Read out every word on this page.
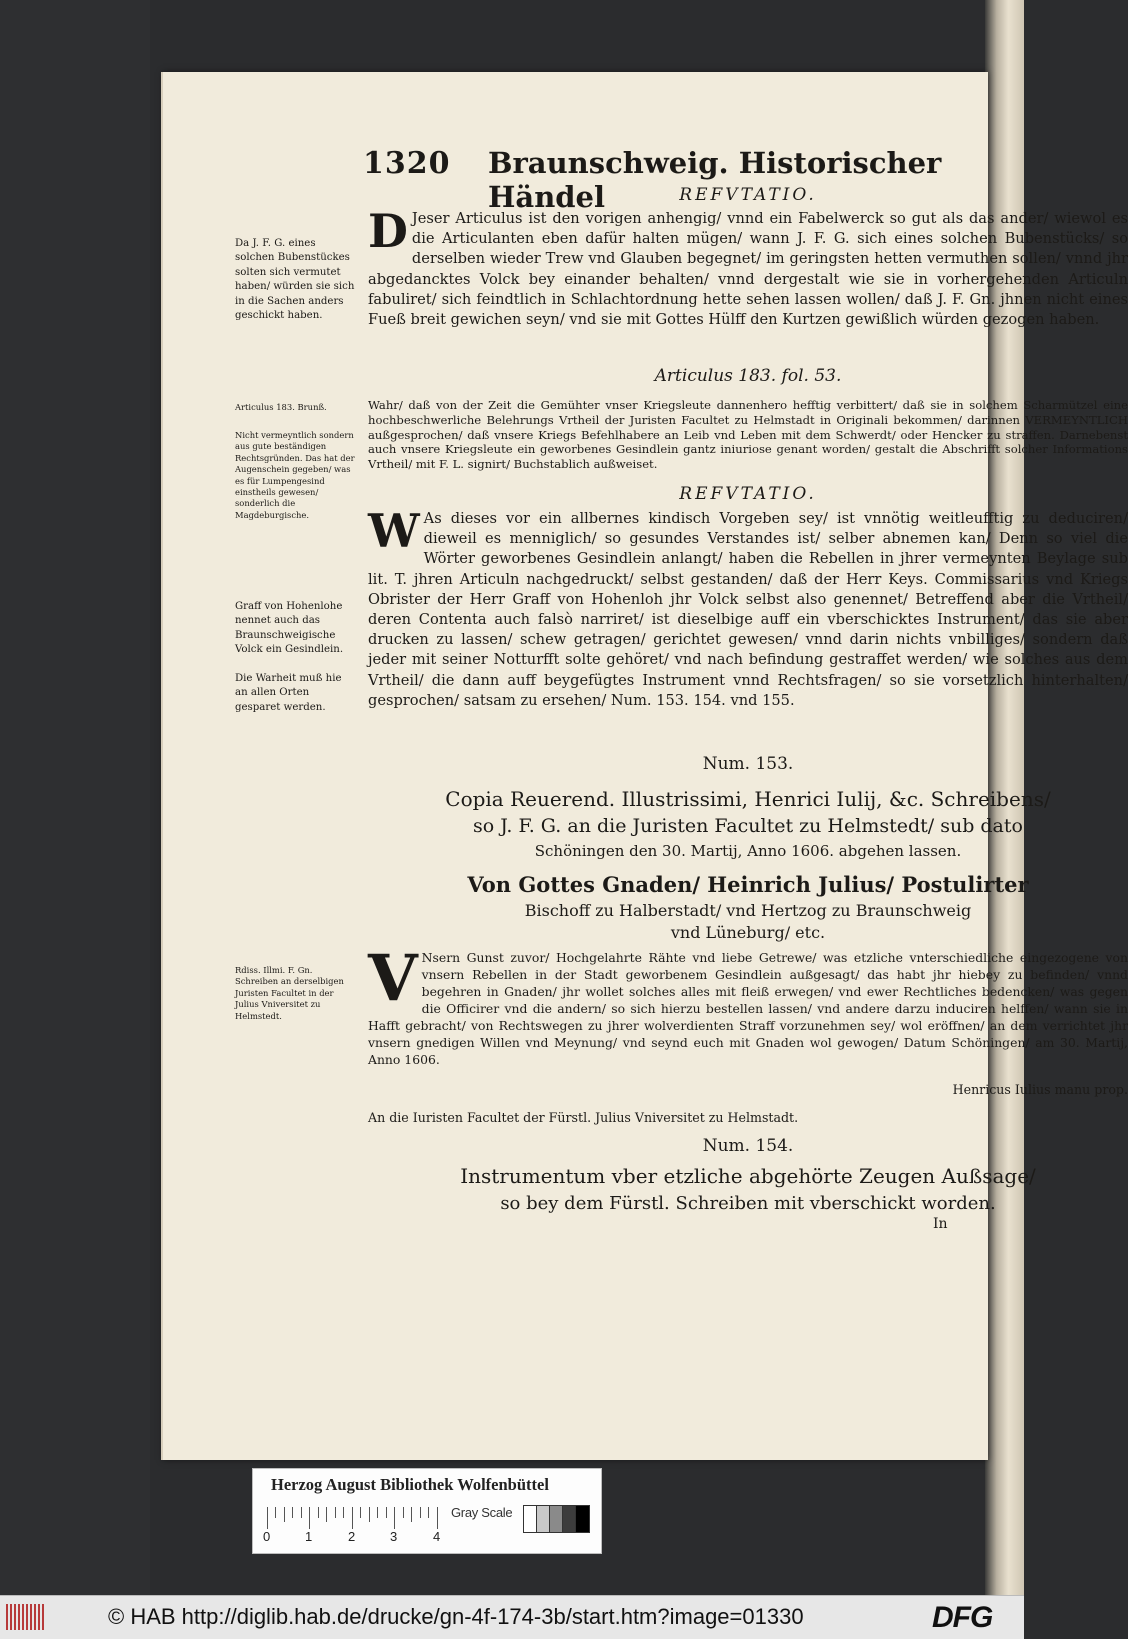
1320 Braunschweig. Historischer Händel	REFVTATIO.
D Jeser Articulus ist den vorigen anhengig/ vnnd ein Fabelwerck so gut als das ander/ wiewol es die Articulanten eben dafür halten mügen/ wann J. F. G. sich eines solchen Bubenstücks/ so derselben wieder Trew vnd Glauben begegnet/ im geringsten hetten vermuthen sollen/ vnnd jhr abgedancktes Volck bey einander behalten/ vnnd dergestalt wie sie in vorhergehenden Articuln fabuliret/ sich feindtlich in Schlachtordnung hette sehen lassen wollen/ daß J. F. Gn. jhnen nicht eines Fueß breit gewichen seyn/ vnd sie mit Gottes Hülff den Kurtzen gewißlich würden gezogen haben.
Da J. F. G. eines solchen Bubenstückes solten sich vermutet haben/ würden sie sich in die Sachen anders geschickt haben.
Articulus 183. fol. 53.
Wahr/ daß von der Zeit die Gemühter vnser Kriegsleute dannenhero hefftig verbittert/ daß sie in solchem Scharmützel eine hochbeschwerliche Belehrungs Vrtheil der Juristen Facultet zu Helmstadt in Originali bekommen/ darinnen VERMEYNTLICH außgesprochen/ daß vnsere Kriegs Befehlhabere an Leib vnd Leben mit dem Schwerdt/ oder Hencker zu straffen. Darnebenst auch vnsere Kriegsleute ein geworbenes Gesindlein gantz iniuriose genant worden/ gestalt die Abschrifft solcher Informations Vrtheil/ mit F. L. signirt/ Buchstablich außweiset.
Articulus 183. Brunß.
Nicht vermeyntlich sondern aus gute beständigen Rechtsgründen. Das hat der Augenschein gegeben/ was es für Lumpengesind einstheils gewesen/ sonderlich die Magdeburgische.
REFVTATIO.
W As dieses vor ein allbernes kindisch Vorgeben sey/ ist vnnötig weitleufftig zu deduciren/ dieweil es menniglich/ so gesundes Verstandes ist/ selber abnemen kan/ Denn so viel die Wörter geworbenes Gesindlein anlangt/ haben die Rebellen in jhrer vermeynten Beylage sub lit. T. jhren Articuln nachgedruckt/ selbst gestanden/ daß der Herr Keys. Commissarius vnd Kriegs Obrister der Herr Graff von Hohenloh jhr Volck selbst also genennet/ Betreffend aber die Vrtheil/ deren Contenta auch falsò narriret/ ist dieselbige auff ein vberschicktes Instrument/ das sie aber drucken zu lassen/ schew getragen/ gerichtet gewesen/ vnnd darin nichts vnbilliges/ sondern daß jeder mit seiner Notturfft solte gehöret/ vnd nach befindung gestraffet werden/ wie solches aus dem Vrtheil/ die dann auff beygefügtes Instrument vnnd Rechtsfragen/ so sie vorsetzlich hinterhalten/ gesprochen/ satsam zu ersehen/ Num. 153. 154. vnd 155.
Graff von Hohenlohe nennet auch das Braunschweigische Volck ein Gesindlein.
Die Warheit muß hie an allen Orten gesparet werden.
Num. 153.
Copia Reuerend. Illustrissimi, Henrici Iulij, &c. Schreibens/
so J. F. G. an die Juristen Facultet zu Helmstedt/ sub dato
Schöningen den 30. Martij, Anno 1606. abgehen lassen.
Von Gottes Gnaden/ Heinrich Julius/ Postulirter
Bischoff zu Halberstadt/ vnd Hertzog zu Braunschweig
vnd Lüneburg/ etc.
V Nsern Gunst zuvor/ Hochgelahrte Rähte vnd liebe Getrewe/ was etzliche vnterschiedliche eingezogene von vnsern Rebellen in der Stadt geworbenem Gesindlein außgesagt/ das habt jhr hiebey zu befinden/ vnnd begehren in Gnaden/ jhr wollet solches alles mit fleiß erwegen/ vnd ewer Rechtliches bedencken/ was gegen die Officirer vnd die andern/ so sich hierzu bestellen lassen/ vnd andere darzu induciren helffen/ wann sie in Hafft gebracht/ von Rechtswegen zu jhrer wolverdienten Straff vorzunehmen sey/ wol eröffnen/ an dem verrichtet jhr vnsern gnedigen Willen vnd Meynung/ vnd seynd euch mit Gnaden wol gewogen/ Datum Schöningen/ am 30. Martij, Anno 1606.
Rdiss. Illmi. F. Gn. Schreiben an derselbigen Juristen Facultet in der Julius Vniversitet zu Helmstedt.
Henricus Iulius manu prop.
An die Iuristen Facultet der Fürstl. Julius Vniversitet zu Helmstadt.
Num. 154.
Instrumentum vber etzliche abgehörte Zeugen Außsage/
so bey dem Fürstl. Schreiben mit vberschickt worden.
In
Herzog August Bibliothek Wolfenbüttel
0	1	2	3	4
Gray Scale
© HAB http://diglib.hab.de/drucke/gn-4f-174-3b/start.htm?image=01330	DFG
